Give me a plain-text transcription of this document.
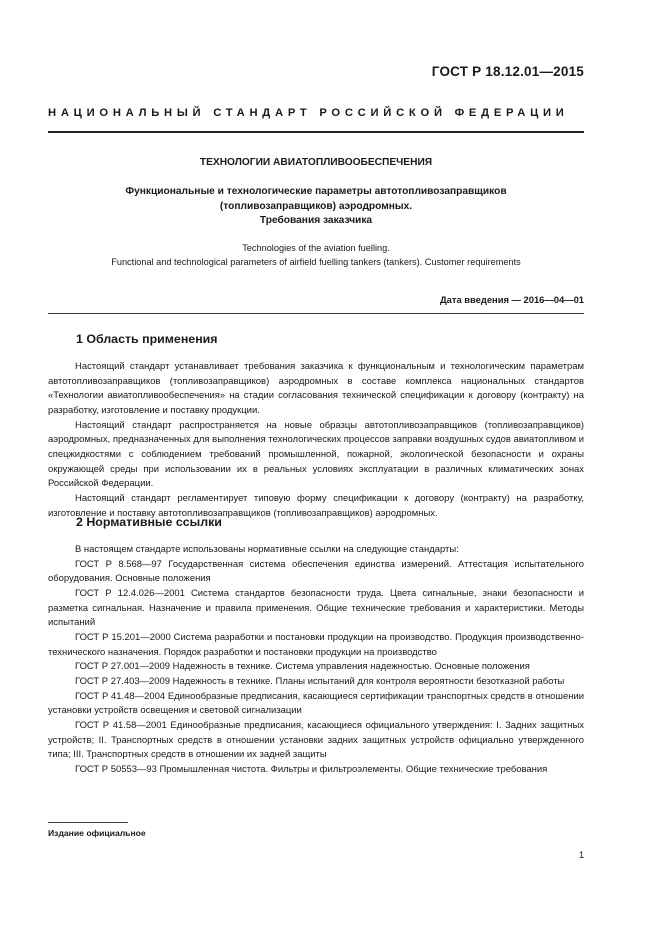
ГОСТ Р 18.12.01—2015
НАЦИОНАЛЬНЫЙ СТАНДАРТ РОССИЙСКОЙ ФЕДЕРАЦИИ
ТЕХНОЛОГИИ АВИАТОПЛИВООБЕСПЕЧЕНИЯ
Функциональные и технологические параметры автотопливозаправщиков
(топливозаправщиков) аэродромных.
Требования заказчика
Technologies of the aviation fuelling.
Functional and technological parameters of airfield fuelling tankers (tankers). Customer requirements
Дата введения — 2016—04—01
1 Область применения

Настоящий стандарт устанавливает требования заказчика к функциональным и технологическим параметрам автотопливозаправщиков (топливозаправщиков) аэродромных в составе комплекса национальных стандартов «Технологии авиатопливообеспечения» на стадии согласования технической спецификации к договору (контракту) на разработку, изготовление и поставку продукции.

Настоящий стандарт распространяется на новые образцы автотопливозаправщиков (топливозаправщиков) аэродромных, предназначенных для выполнения технологических процессов заправки воздушных судов авиатопливом и спецжидкостями с соблюдением требований промышленной, пожарной, экологической безопасности и охраны окружающей среды при использовании их в реальных условиях эксплуатации в различных климатических зонах Российской Федерации.

Настоящий стандарт регламентирует типовую форму спецификации к договору (контракту) на разработку, изготовление и поставку автотопливозаправщиков (топливозаправщиков) аэродромных.

2 Нормативные ссылки

В настоящем стандарте использованы нормативные ссылки на следующие стандарты:

ГОСТ Р 8.568—97 Государственная система обеспечения единства измерений. Аттестация испытательного оборудования. Основные положения

ГОСТ Р 12.4.026—2001 Система стандартов безопасности труда. Цвета сигнальные, знаки безопасности и разметка сигнальная. Назначение и правила применения. Общие технические требования и характеристики. Методы испытаний

ГОСТ Р 15.201—2000 Система разработки и постановки продукции на производство. Продукция производственно-технического назначения. Порядок разработки и постановки продукции на производство

ГОСТ Р 27.001—2009 Надежность в технике. Система управления надежностью. Основные положения

ГОСТ Р 27.403—2009 Надежность в технике. Планы испытаний для контроля вероятности безотказной работы

ГОСТ Р 41.48—2004 Единообразные предписания, касающиеся сертификации транспортных средств в отношении установки устройств освещения и световой сигнализации

ГОСТ Р 41.58—2001 Единообразные предписания, касающиеся официального утверждения: I. Задних защитных устройств; II. Транспортных средств в отношении установки задних защитных устройств официально утвержденного типа; III. Транспортных средств в отношении их задней защиты

ГОСТ Р 50553—93 Промышленная чистота. Фильтры и фильтроэлементы. Общие технические требования

Издание официальное
1
